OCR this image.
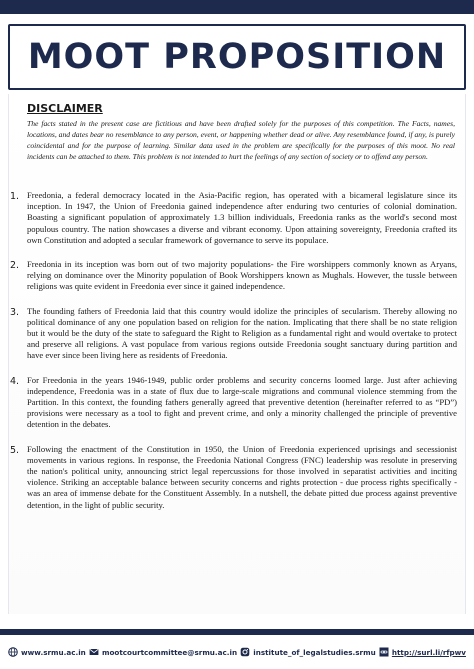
MOOT PROPOSITION
DISCLAIMER

The facts stated in the present case are fictitious and have been drafted solely for the purposes of this competition. The Facts, names, locations, and dates bear no resemblance to any person, event, or happening whether dead or alive. Any resemblance found, if any, is purely coincidental and for the purpose of learning. Similar data used in the problem are specifically for the purposes of this moot. No real incidents can be attached to them. This problem is not intended to hurt the feelings of any section of society or to offend any person.

1. Freedonia, a federal democracy located in the Asia-Pacific region, has operated with a bicameral legislature since its inception. In 1947, the Union of Freedonia gained independence after enduring two centuries of colonial domination. Boasting a significant population of approximately 1.3 billion individuals, Freedonia ranks as the world's second most populous country. The nation showcases a diverse and vibrant economy. Upon attaining sovereignty, Freedonia crafted its own Constitution and adopted a secular framework of governance to serve its populace.

2. Freedonia in its inception was born out of two majority populations- the Fire worshippers commonly known as Aryans, relying on dominance over the Minority population of Book Worshippers known as Mughals. However, the tussle between religions was quite evident in Freedonia ever since it gained independence.

3. The founding fathers of Freedonia laid that this country would idolize the principles of secularism. Thereby allowing no political dominance of any one population based on religion for the nation. Implicating that there shall be no state religion but it would be the duty of the state to safeguard the Right to Religion as a fundamental right and would overtake to protect and preserve all religions. A vast populace from various regions outside Freedonia sought sanctuary during partition and have ever since been living here as residents of Freedonia.

4. For Freedonia in the years 1946-1949, public order problems and security concerns loomed large. Just after achieving independence, Freedonia was in a state of flux due to large-scale migrations and communal violence stemming from the Partition. In this context, the founding fathers generally agreed that preventive detention (hereinafter referred to as “PD”) provisions were necessary as a tool to fight and prevent crime, and only a minority challenged the principle of preventive detention in the debates.

5. Following the enactment of the Constitution in 1950, the Union of Freedonia experienced uprisings and secessionist movements in various regions. In response, the Freedonia National Congress (FNC) leadership was resolute in preserving the nation's political unity, announcing strict legal repercussions for those involved in separatist activities and inciting violence. Striking an acceptable balance between security concerns and rights protection - due process rights specifically - was an area of immense debate for the Constituent Assembly. In a nutshell, the debate pitted due process against preventive detention, in the light of public security.

www.srmu.ac.in mootcourtcommittee@srmu.ac.in institute_of_legalstudies.srmu http://surl.li/rfpwv
